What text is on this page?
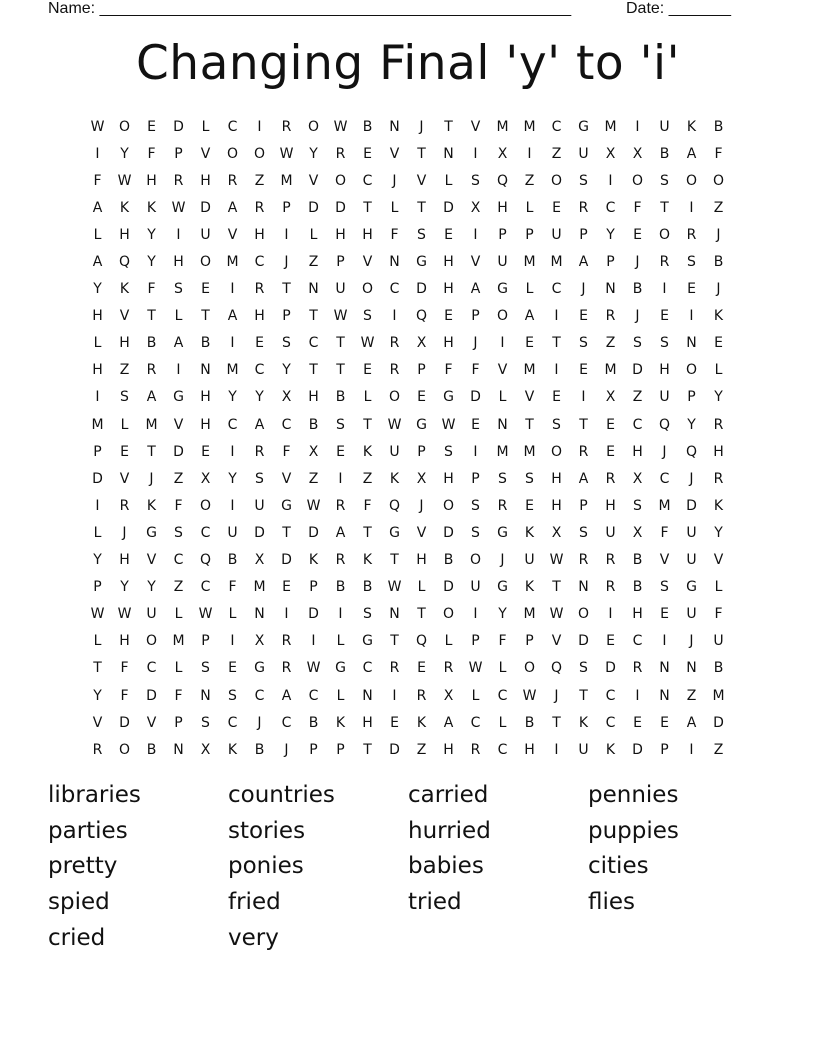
Name: _____________________________________________________	Date: _______
Changing Final 'y' to 'i'
W	O	E	D	L	C	I	R	O	W	B	N	J	T	V	M	M	C	G	M	I	U	K	B
I	Y	F	P	V	O	O	W	Y	R	E	V	T	N	I	X	I	Z	U	X	X	B	A	F
F	W	H	R	H	R	Z	M	V	O	C	J	V	L	S	Q	Z	O	S	I	O	S	O	O
A	K	K	W	D	A	R	P	D	D	T	L	T	D	X	H	L	E	R	C	F	T	I	Z
L	H	Y	I	U	V	H	I	L	H	H	F	S	E	I	P	P	U	P	Y	E	O	R	J
A	Q	Y	H	O	M	C	J	Z	P	V	N	G	H	V	U	M	M	A	P	J	R	S	B
Y	K	F	S	E	I	R	T	N	U	O	C	D	H	A	G	L	C	J	N	B	I	E	J
H	V	T	L	T	A	H	P	T	W	S	I	Q	E	P	O	A	I	E	R	J	E	I	K
L	H	B	A	B	I	E	S	C	T	W	R	X	H	J	I	E	T	S	Z	S	S	N	E
H	Z	R	I	N	M	C	Y	T	T	E	R	P	F	F	V	M	I	E	M	D	H	O	L
I	S	A	G	H	Y	Y	X	H	B	L	O	E	G	D	L	V	E	I	X	Z	U	P	Y
M	L	M	V	H	C	A	C	B	S	T	W	G	W	E	N	T	S	T	E	C	Q	Y	R
P	E	T	D	E	I	R	F	X	E	K	U	P	S	I	M	M	O	R	E	H	J	Q	H
D	V	J	Z	X	Y	S	V	Z	I	Z	K	X	H	P	S	S	H	A	R	X	C	J	R
I	R	K	F	O	I	U	G	W	R	F	Q	J	O	S	R	E	H	P	H	S	M	D	K
L	J	G	S	C	U	D	T	D	A	T	G	V	D	S	G	K	X	S	U	X	F	U	Y
Y	H	V	C	Q	B	X	D	K	R	K	T	H	B	O	J	U	W	R	R	B	V	U	V
P	Y	Y	Z	C	F	M	E	P	B	B	W	L	D	U	G	K	T	N	R	B	S	G	L
W W	U	L	W	L	N	I	D	I	S	N	T	O	I	Y	M	W	O	I	H	E	U	F
L	H	O	M	P	I	X	R	I	L	G	T	Q	L	P	F	P	V	D	E	C	I	J	U
T	F	C	L	S	E	G	R	W	G	C	R	E	R	W	L	O	Q	S	D	R	N	N	B
Y	F	D	F	N	S	C	A	C	L	N	I	R	X	L	C	W	J	T	C	I	N	Z	M
V	D	V	P	S	C	J	C	B	K	H	E	K	A	C	L	B	T	K	C	E	E	A	D
R	O	B	N	X	K	B	J	P	P	T	D	Z	H	R	C	H	I	U	K	D	P	I	Z
libraries	countries	carried	pennies
parties	stories	hurried	puppies
pretty	ponies	babies	cities
spied	fried	tried	flies
cried	very
